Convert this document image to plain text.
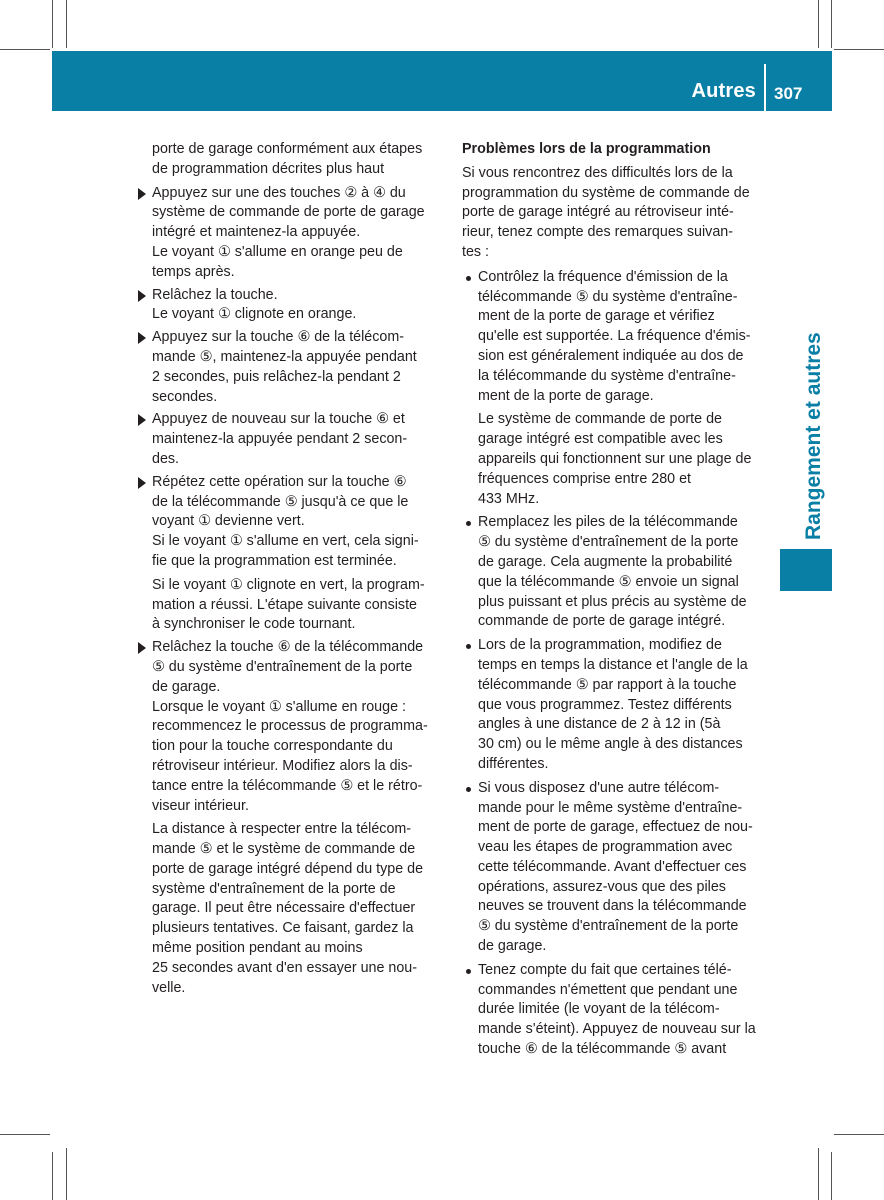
Autres 307
Rangement et autres
porte de garage conformément aux étapes
de programmation décrites plus haut
Appuyez sur une des touches ② à ④ du
système de commande de porte de garage
intégré et maintenez-la appuyée.
Le voyant ① s'allume en orange peu de
temps après.
Relâchez la touche.
Le voyant ① clignote en orange.
Appuyez sur la touche ⑥ de la télécom-
mande ⑤, maintenez-la appuyée pendant
2 secondes, puis relâchez-la pendant 2
secondes.
Appuyez de nouveau sur la touche ⑥ et
maintenez-la appuyée pendant 2 secon-
des.
Répétez cette opération sur la touche ⑥
de la télécommande ⑤ jusqu'à ce que le
voyant ① devienne vert.
Si le voyant ① s'allume en vert, cela signi-
fie que la programmation est terminée.
Si le voyant ① clignote en vert, la program-
mation a réussi. L'étape suivante consiste
à synchroniser le code tournant.
Relâchez la touche ⑥ de la télécommande
⑤ du système d'entraînement de la porte
de garage.
Lorsque le voyant ① s'allume en rouge :
recommencez le processus de programma-
tion pour la touche correspondante du
rétroviseur intérieur. Modifiez alors la dis-
tance entre la télécommande ⑤ et le rétro-
viseur intérieur.
La distance à respecter entre la télécom-
mande ⑤ et le système de commande de
porte de garage intégré dépend du type de
système d'entraînement de la porte de
garage. Il peut être nécessaire d'effectuer
plusieurs tentatives. Ce faisant, gardez la
même position pendant au moins
25 secondes avant d'en essayer une nou-
velle.
Problèmes lors de la programmation
Si vous rencontrez des difficultés lors de la
programmation du système de commande de
porte de garage intégré au rétroviseur inté-
rieur, tenez compte des remarques suivan-
tes :
Contrôlez la fréquence d'émission de la
télécommande ⑤ du système d'entraîne-
ment de la porte de garage et vérifiez
qu'elle est supportée. La fréquence d'émis-
sion est généralement indiquée au dos de
la télécommande du système d'entraîne-
ment de la porte de garage.
Le système de commande de porte de
garage intégré est compatible avec les
appareils qui fonctionnent sur une plage de
fréquences comprise entre 280 et
433 MHz.
Remplacez les piles de la télécommande
⑤ du système d'entraînement de la porte
de garage. Cela augmente la probabilité
que la télécommande ⑤ envoie un signal
plus puissant et plus précis au système de
commande de porte de garage intégré.
Lors de la programmation, modifiez de
temps en temps la distance et l'angle de la
télécommande ⑤ par rapport à la touche
que vous programmez. Testez différents
angles à une distance de 2 à 12 in (5à
30 cm) ou le même angle à des distances
différentes.
Si vous disposez d'une autre télécom-
mande pour le même système d'entraîne-
ment de porte de garage, effectuez de nou-
veau les étapes de programmation avec
cette télécommande. Avant d'effectuer ces
opérations, assurez-vous que des piles
neuves se trouvent dans la télécommande
⑤ du système d'entraînement de la porte
de garage.
Tenez compte du fait que certaines télé-
commandes n'émettent que pendant une
durée limitée (le voyant de la télécom-
mande s'éteint). Appuyez de nouveau sur la
touche ⑥ de la télécommande ⑤ avant
